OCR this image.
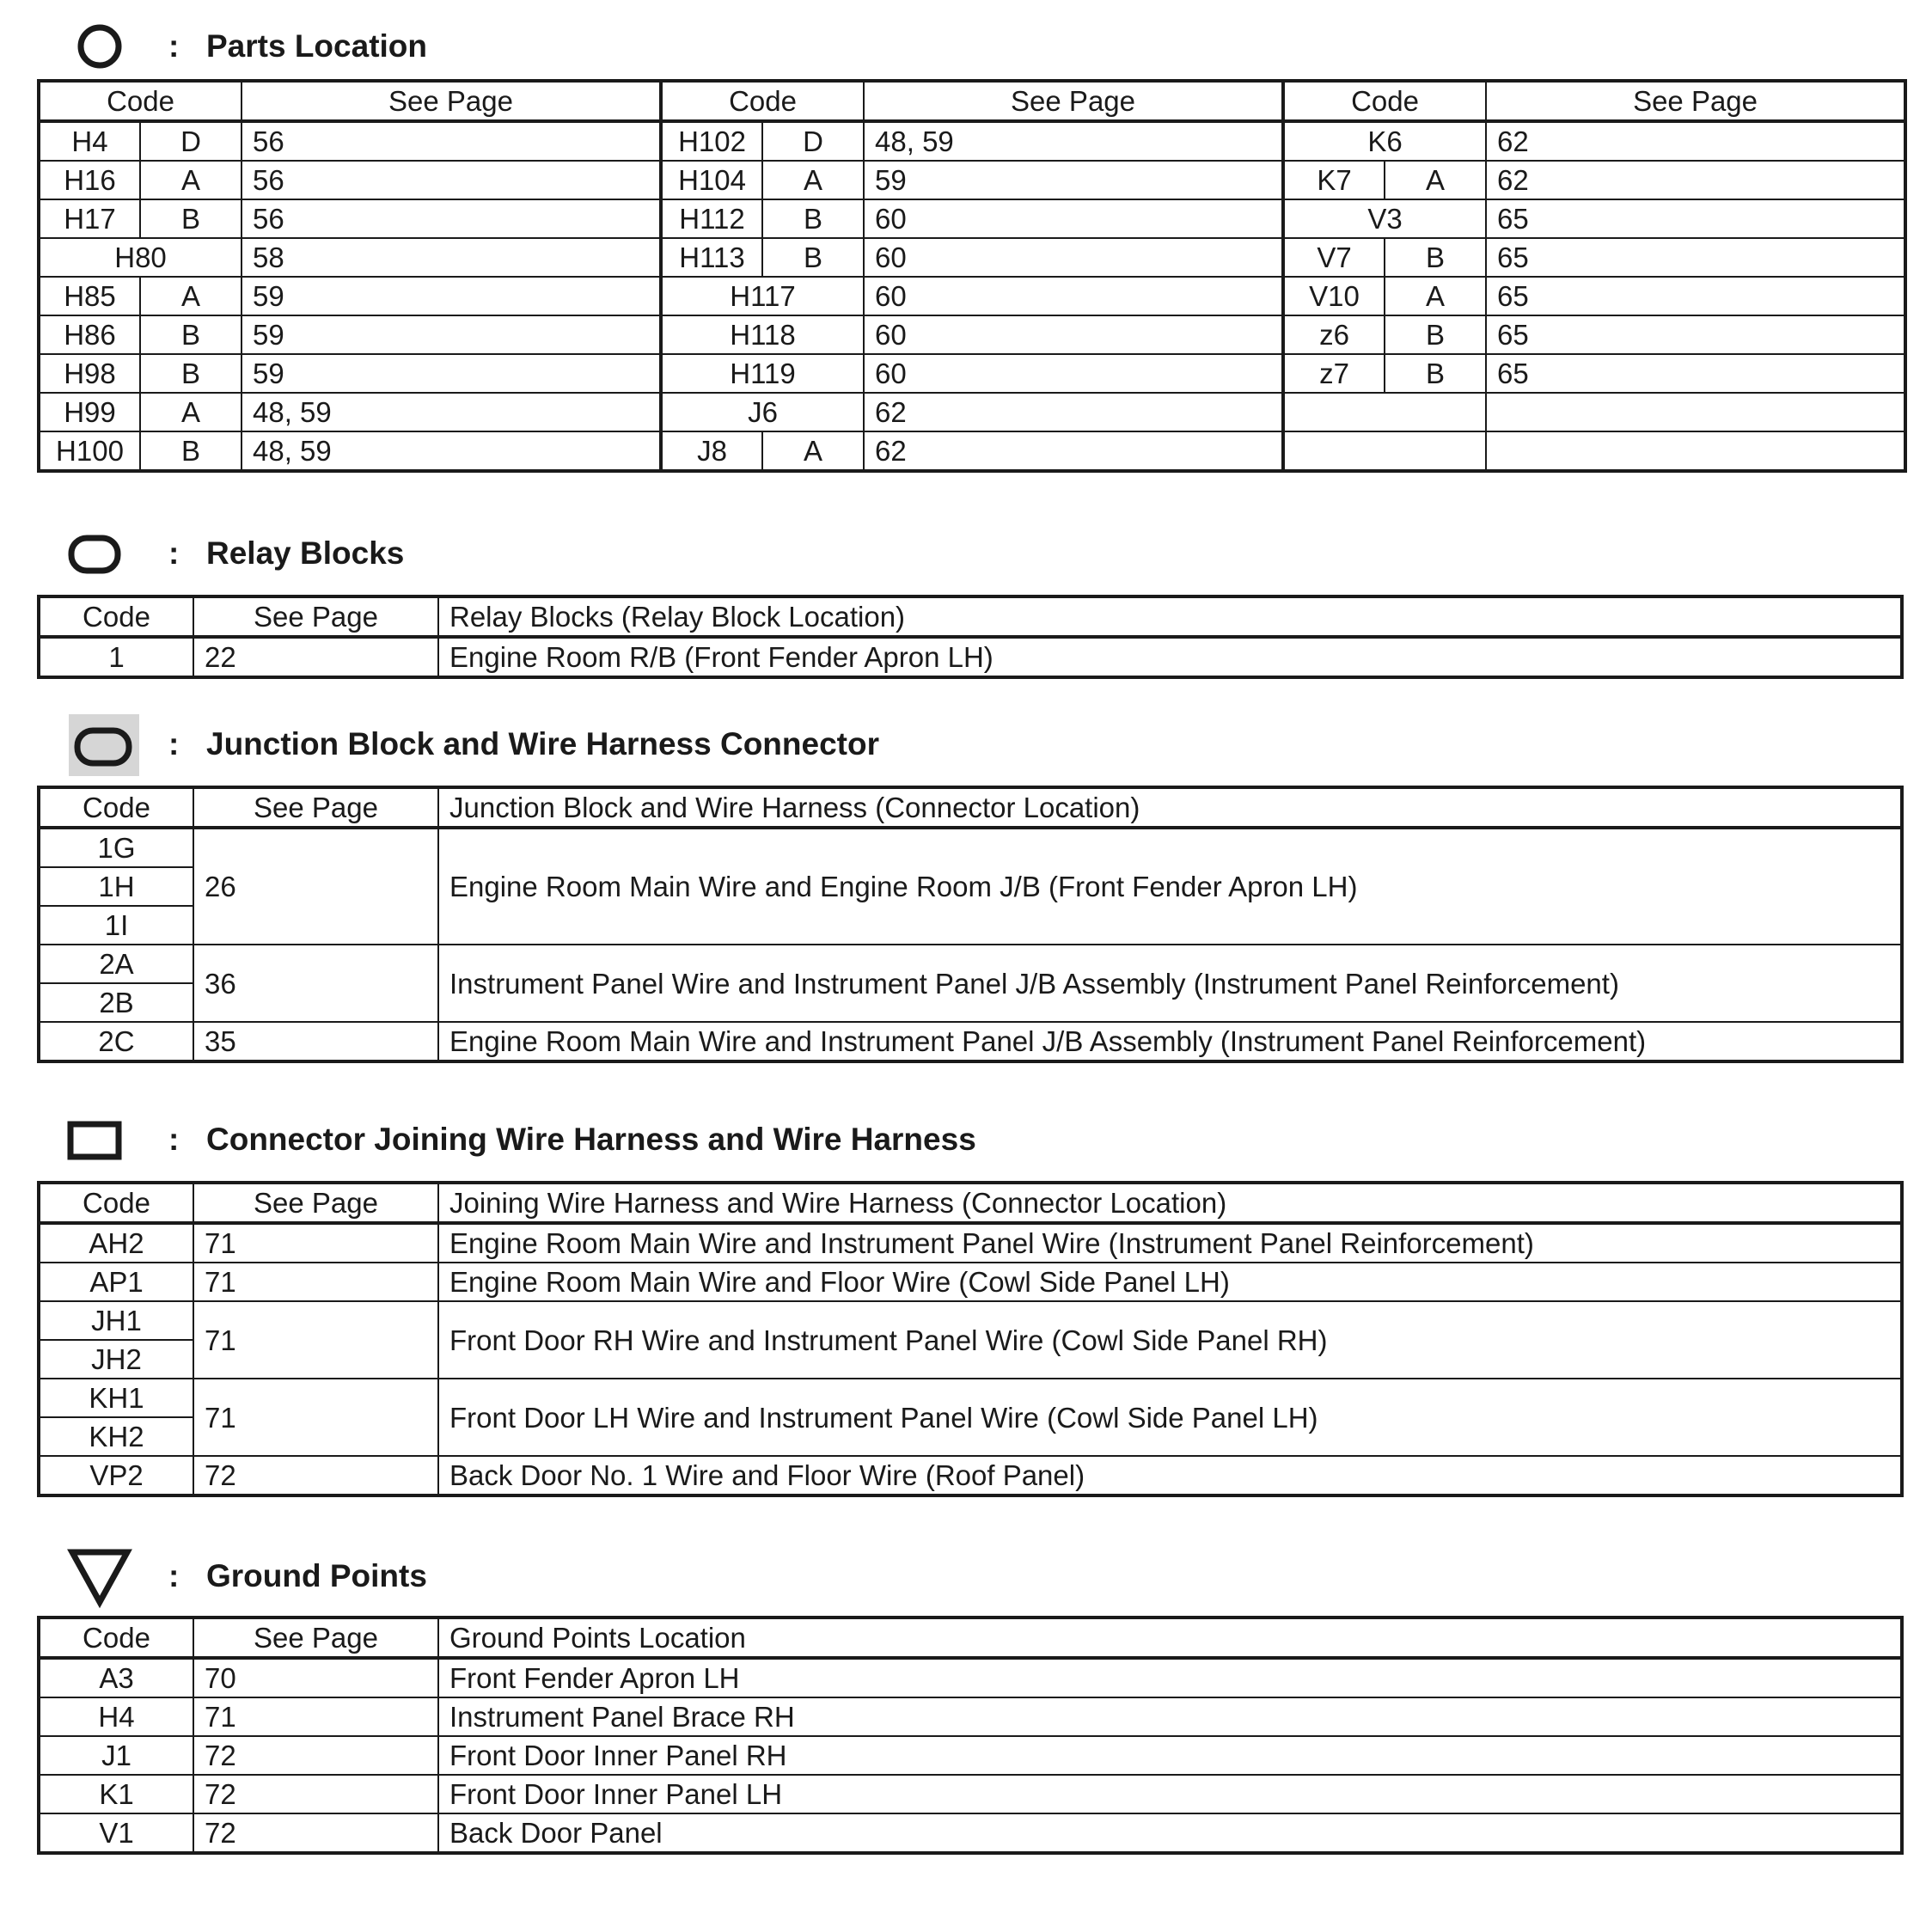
: Parts Location
Code		See Page	Code		See Page	Code		See Page
H4	D	56	H102	D	48, 59	K6		62
H16	A	56	H104	A	59	K7	A	62
H17	B	56	H112	B	60	V3		65
H80		58	H113	B	60	V7	B	65
H85	A	59	H117		60	V10	A	65
H86	B	59	H118		60	z6	B	65
H98	B	59	H119		60	z7	B	65
H99	A	48, 59	J6		62			
H100	B	48, 59	J8	A	62			
: Relay Blocks
Code	See Page	Relay Blocks (Relay Block Location)
1	22	Engine Room R/B (Front Fender Apron LH)
: Junction Block and Wire Harness Connector
Code	See Page	Junction Block and Wire Harness (Connector Location)
1G	26	Engine Room Main Wire and Engine Room J/B (Front Fender Apron LH)
1H		
1I		
2A	36	Instrument Panel Wire and Instrument Panel J/B Assembly (Instrument Panel Reinforcement)
2B		
2C	35	Engine Room Main Wire and Instrument Panel J/B Assembly (Instrument Panel Reinforcement)
: Connector Joining Wire Harness and Wire Harness
Code	See Page	Joining Wire Harness and Wire Harness (Connector Location)
AH2	71	Engine Room Main Wire and Instrument Panel Wire (Instrument Panel Reinforcement)
AP1	71	Engine Room Main Wire and Floor Wire (Cowl Side Panel LH)
JH1	71	Front Door RH Wire and Instrument Panel Wire (Cowl Side Panel RH)
JH2		
KH1	71	Front Door LH Wire and Instrument Panel Wire (Cowl Side Panel LH)
KH2		
VP2	72	Back Door No. 1 Wire and Floor Wire (Roof Panel)
: Ground Points
Code	See Page	Ground Points Location
A3	70	Front Fender Apron LH
H4	71	Instrument Panel Brace RH
J1	72	Front Door Inner Panel RH
K1	72	Front Door Inner Panel LH
V1	72	Back Door Panel
